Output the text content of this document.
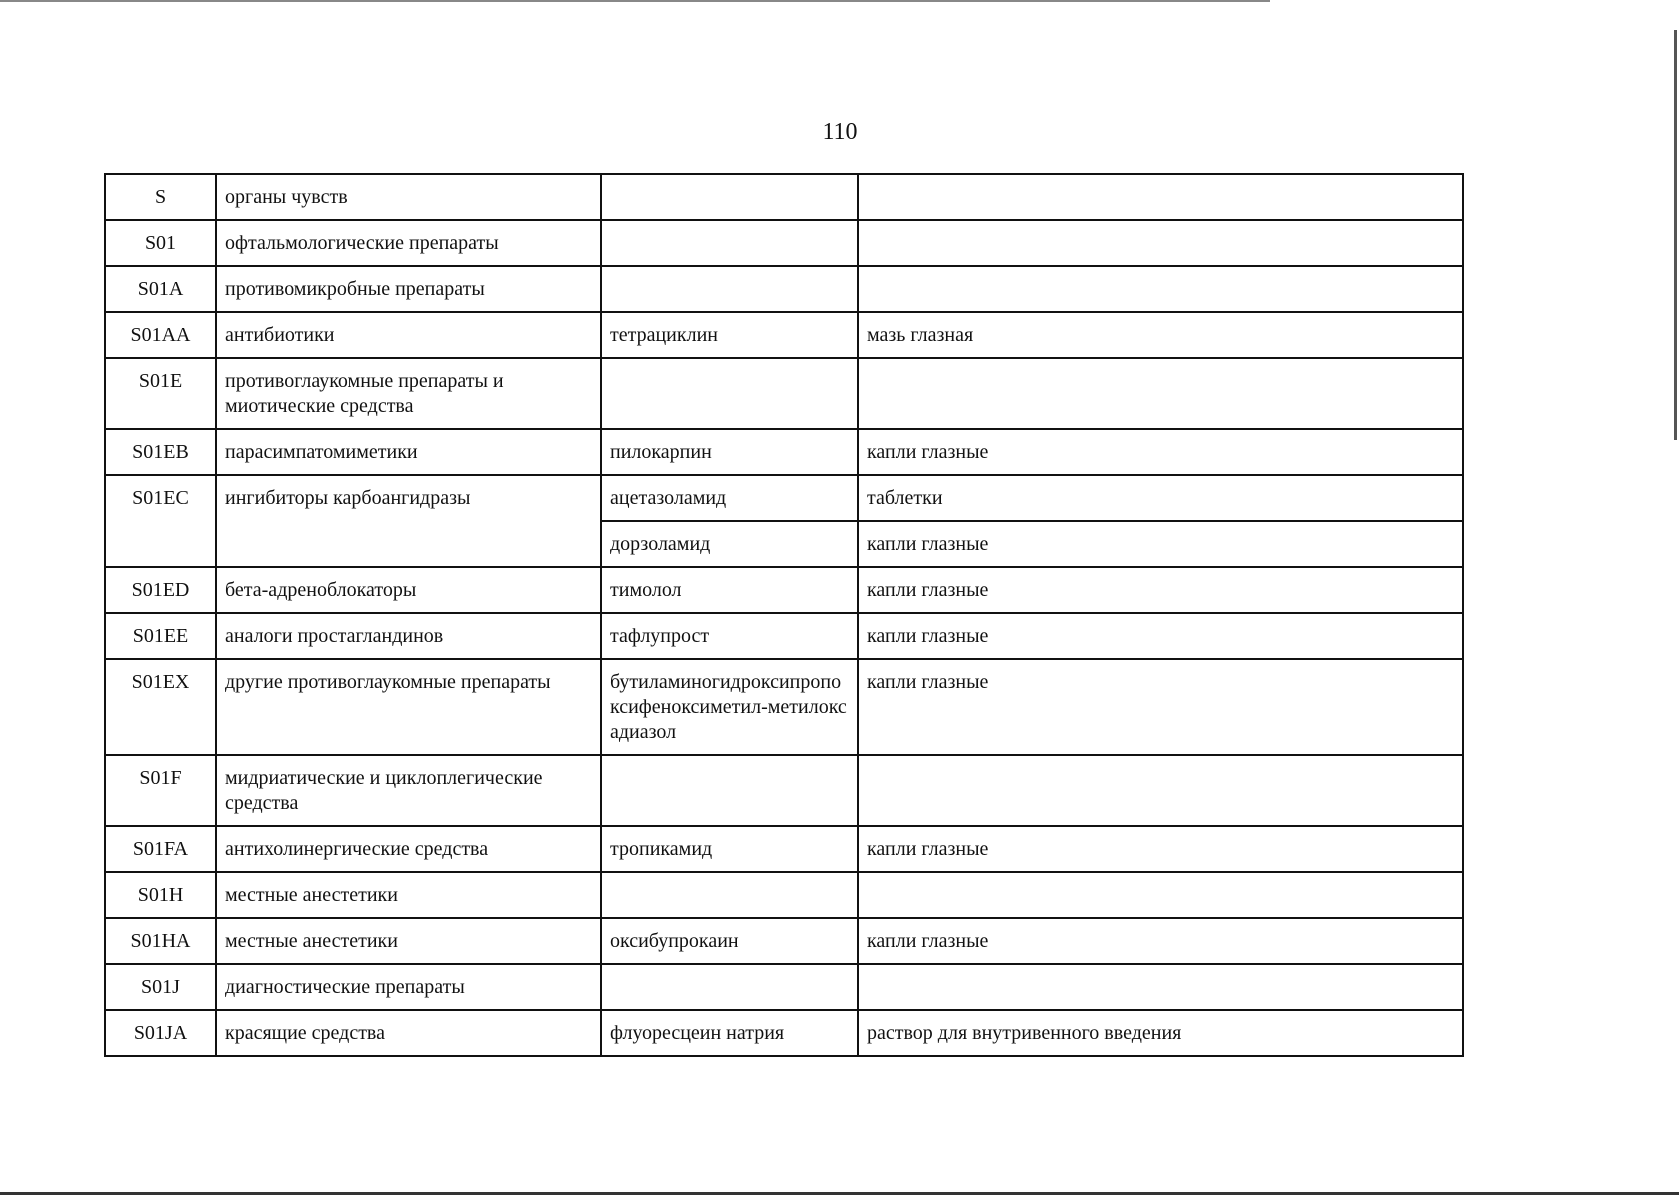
110
S	органы чувств		
S01	офтальмологические препараты		
S01A	противомикробные препараты		
S01AA	антибиотики	тетрациклин	мазь глазная
S01E	противоглаукомные препараты и миотические средства		
S01EB	парасимпатомиметики	пилокарпин	капли глазные
S01EC	ингибиторы карбоангидразы	ацетазоламид	таблетки
		дорзоламид	капли глазные
S01ED	бета-адреноблокаторы	тимолол	капли глазные
S01EE	аналоги простагландинов	тафлупрост	капли глазные
S01EX	другие противоглаукомные препараты	бутиламиногидроксипропоксифеноксиметил-метилоксадиазол	капли глазные
S01F	мидриатические и циклоплегические средства		
S01FA	антихолинергические средства	тропикамид	капли глазные
S01H	местные анестетики		
S01HA	местные анестетики	оксибупрокаин	капли глазные
S01J	диагностические препараты		
S01JA	красящие средства	флуоресцеин натрия	раствор для внутривенного введения
